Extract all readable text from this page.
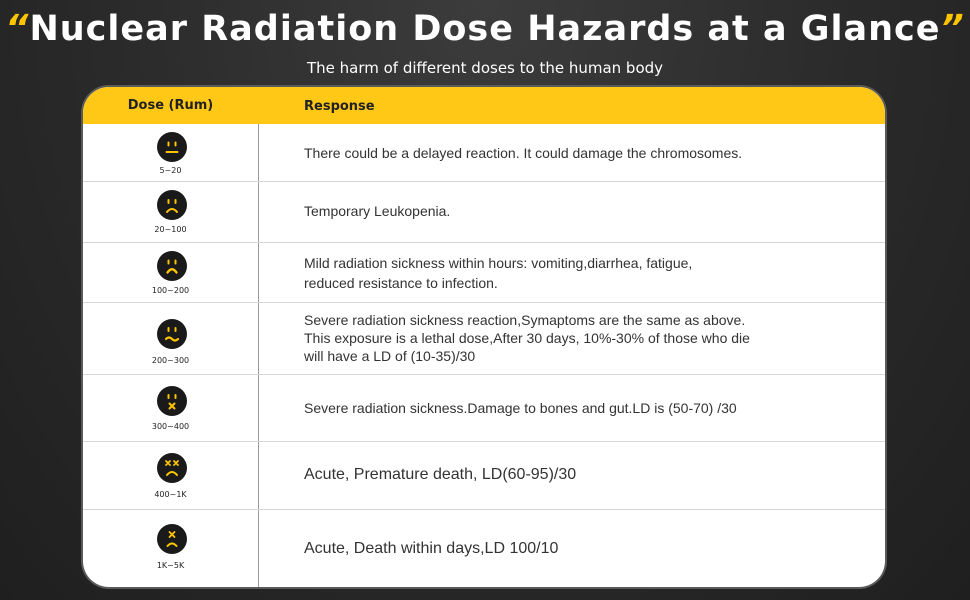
“Nuclear Radiation Dose Hazards at a Glance”
The harm of different doses to the human body
Dose (Rum)	Response
5~20
There could be a delayed reaction. It could damage the chromosomes.
20~100
Temporary Leukopenia.
100~200
Mild radiation sickness within hours: vomiting,diarrhea, fatigue,
reduced resistance to infection.
200~300
Severe radiation sickness reaction,Symaptoms are the same as above.
This exposure is a lethal dose,After 30 days, 10%-30% of those who die
will have a LD of (10-35)/30
300~400
Severe radiation sickness.Damage to bones and gut.LD is (50-70) /30
400~1K
Acute, Premature death, LD(60-95)/30
1K~5K
Acute, Death within days,LD 100/10
